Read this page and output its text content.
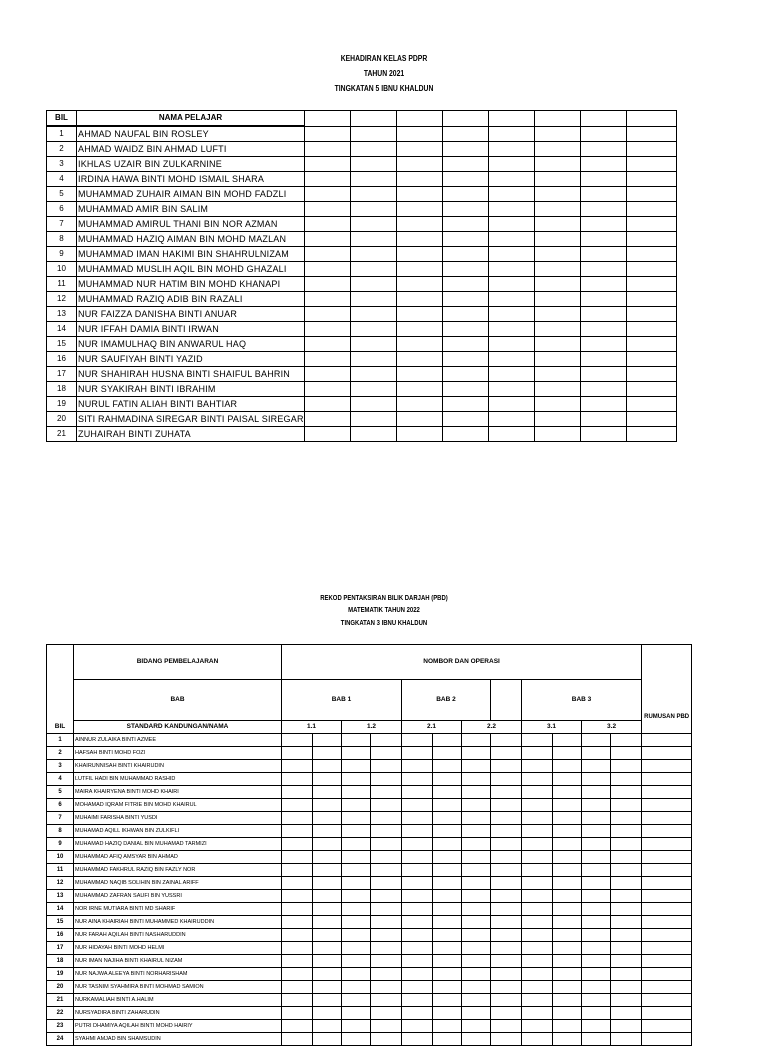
KEHADIRAN KELAS PDPR
TAHUN 2021
TINGKATAN 5 IBNU KHALDUN
BIL	NAMA PELAJAR								
1	AHMAD NAUFAL BIN ROSLEY								
2	AHMAD WAIDZ BIN AHMAD LUFTI								
3	IKHLAS UZAIR BIN ZULKARNINE								
4	IRDINA HAWA BINTI MOHD ISMAIL SHARA								
5	MUHAMMAD ZUHAIR AIMAN BIN MOHD FADZLI								
6	MUHAMMAD AMIR BIN SALIM								
7	MUHAMMAD AMIRUL THANI BIN NOR AZMAN								
8	MUHAMMAD HAZIQ AIMAN BIN MOHD MAZLAN								
9	MUHAMMAD IMAN HAKIMI BIN SHAHRULNIZAM								
10	MUHAMMAD MUSLIH AQIL BIN MOHD GHAZALI								
11	MUHAMMAD NUR HATIM BIN MOHD KHANAPI								
12	MUHAMMAD RAZIQ ADIB BIN RAZALI								
13	NUR FAIZZA DANISHA BINTI ANUAR								
14	NUR IFFAH DAMIA BINTI IRWAN								
15	NUR IMAMULHAQ BIN ANWARUL HAQ								
16	NUR SAUFIYAH BINTI YAZID								
17	NUR SHAHIRAH HUSNA BINTI SHAIFUL BAHRIN								
18	NUR SYAKIRAH BINTI IBRAHIM								
19	NURUL FATIN ALIAH BINTI BAHTIAR								
20	SITI RAHMADINA SIREGAR BINTI PAISAL SIREGAR								
21	ZUHAIRAH BINTI ZUHATA								
REKOD PENTAKSIRAN BILIK DARJAH (PBD)
MATEMATIK TAHUN 2022
TINGKATAN 3 IBNU KHALDUN
	BIDANG PEMBELAJARAN	NOMBOR DAN OPERASI												
	BAB	BAB 1				BAB 2				BAB 3				RUMUSAN PBD
BIL	STANDARD KANDUNGAN/NAMA	1.1		1.2		2.1		2.2		3.1		3.2		
1	AINNUR ZULAIKA BINTI AZMEE													
2	HAFSAH BINTI MOHD FOZI													
3	KHAIRUNNISAH BINTI KHAIRUDIN													
4	LUTFIL HADI BIN MUHAMMAD RASHID													
5	MAIRA KHAIRYENA BINTI MOHD KHAIRI													
6	MOHAMAD IQRAM FITRIE BIN MOHD KHAIRUL													
7	MUHAIMI FARISHA BINTI YUSDI													
8	MUHAMAD AQILL IKHWAN BIN ZULKIFLI													
9	MUHAMAD HAZIQ DANIAL BIN MUHAMAD TARMIZI													
10	MUHAMMAD AFIQ AMSYAR BIN AHMAD													
11	MUHAMMAD FAKHRUL RAZIQ BIN FAZLY NOR													
12	MUHAMMAD NAQIB SOLIHIN BIN ZAINAL ARIFF													
13	MUHAMMAD ZAFRAN SAUFI BIN YUSSRI													
14	NOR IRNE MUTIARA BINTI MD SHARIF													
15	NUR AINA KHAIRIAH BINTI MUHAMMED KHAIRUDDIN													
16	NUR FARAH AQILAH BINTI NASHARUDDIN													
17	NUR HIDAYAH BINTI MOHD HELMI													
18	NUR IMAN NAJIHA BINTI KHAIRUL NIZAM													
19	NUR NAJWA ALEEYA BINTI NORHARISHAM													
20	NUR TASNIM SYAHMIRA BINTI MOHMAD SAMION													
21	NURKAMALIAH BINTI A.HALIM													
22	NURSYADIRA BINTI ZAHARUDIN													
23	PUTRI DHAMIYA AQILAH BINTI MOHD HAIRIY													
24	SYAHMI AMJAD BIN SHAMSUDIN													
